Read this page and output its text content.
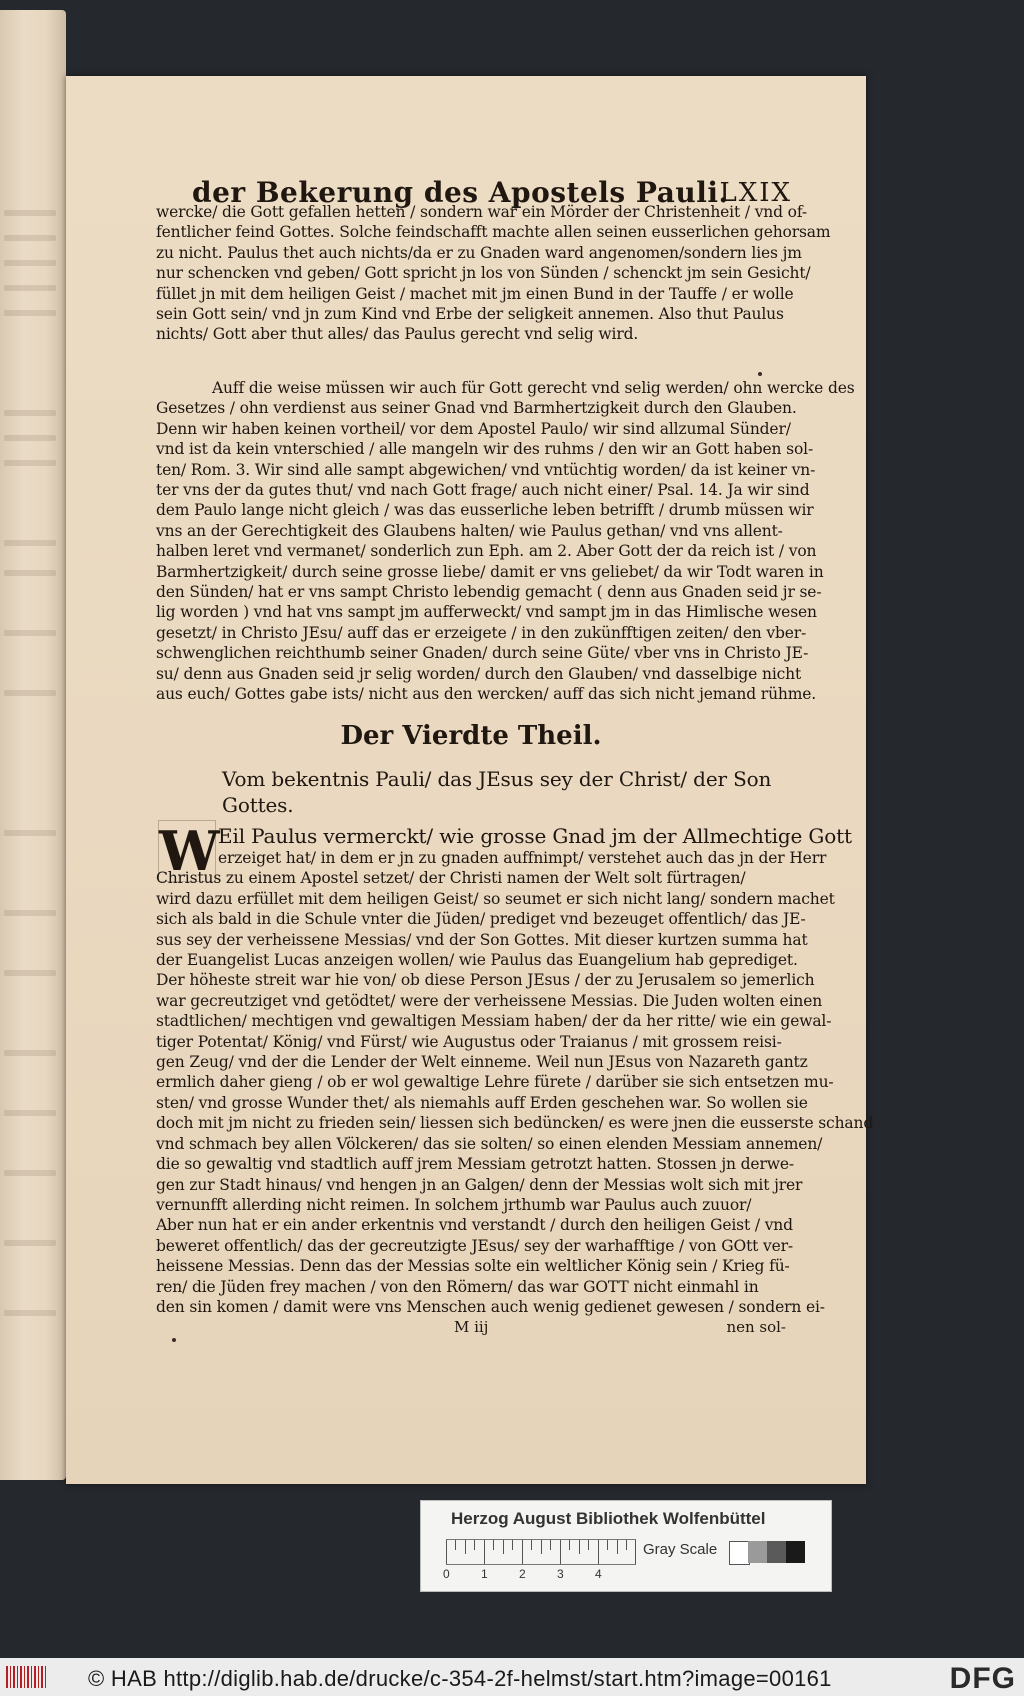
der Bekerung des Apostels Pauli.
LXIX
wercke/ die Gott gefallen hetten / sondern war ein Mörder der Christenheit / vnd of-
fentlicher feind Gottes. Solche feindschafft machte allen seinen eusserlichen gehorsam
zu nicht. Paulus thet auch nichts/da er zu Gnaden ward angenomen/sondern lies jm
nur schencken vnd geben/ Gott spricht jn los von Sünden / schenckt jm sein Gesicht/
füllet jn mit dem heiligen Geist / machet mit jm einen Bund in der Tauffe / er wolle
sein Gott sein/ vnd jn zum Kind vnd Erbe der seligkeit annemen. Also thut Paulus
nichts/ Gott aber thut alles/ das Paulus gerecht vnd selig wird.
Auff die weise müssen wir auch für Gott gerecht vnd selig werden/ ohn wercke des
Gesetzes / ohn verdienst aus seiner Gnad vnd Barmhertzigkeit durch den Glauben.
Denn wir haben keinen vortheil/ vor dem Apostel Paulo/ wir sind allzumal Sünder/
vnd ist da kein vnterschied / alle mangeln wir des ruhms / den wir an Gott haben sol-
ten/ Rom. 3. Wir sind alle sampt abgewichen/ vnd vntüchtig worden/ da ist keiner vn-
ter vns der da gutes thut/ vnd nach Gott frage/ auch nicht einer/ Psal. 14. Ja wir sind
dem Paulo lange nicht gleich / was das eusserliche leben betrifft / drumb müssen wir
vns an der Gerechtigkeit des Glaubens halten/ wie Paulus gethan/ vnd vns allent-
halben leret vnd vermanet/ sonderlich zun Eph. am 2. Aber Gott der da reich ist / von
Barmhertzigkeit/ durch seine grosse liebe/ damit er vns geliebet/ da wir Todt waren in
den Sünden/ hat er vns sampt Christo lebendig gemacht ( denn aus Gnaden seid jr se-
lig worden ) vnd hat vns sampt jm aufferweckt/ vnd sampt jm in das Himlische wesen
gesetzt/ in Christo JEsu/ auff das er erzeigete / in den zukünfftigen zeiten/ den vber-
schwenglichen reichthumb seiner Gnaden/ durch seine Güte/ vber vns in Christo JE-
su/ denn aus Gnaden seid jr selig worden/ durch den Glauben/ vnd dasselbige nicht
aus euch/ Gottes gabe ists/ nicht aus den wercken/ auff das sich nicht jemand rühme.
Der Vierdte Theil.
Vom bekentnis Pauli/ das JEsus sey der Christ/ der Son
Gottes.
W
Eil Paulus vermerckt/ wie grosse Gnad jm der Allmechtige Gott
erzeiget hat/ in dem er jn zu gnaden auffnimpt/ verstehet auch das jn der Herr
Christus zu einem Apostel setzet/ der Christi namen der Welt solt fürtragen/
wird dazu erfüllet mit dem heiligen Geist/ so seumet er sich nicht lang/ sondern machet
sich als bald in die Schule vnter die Jüden/ prediget vnd bezeuget offentlich/ das JE-
sus sey der verheissene Messias/ vnd der Son Gottes. Mit dieser kurtzen summa hat
der Euangelist Lucas anzeigen wollen/ wie Paulus das Euangelium hab geprediget.
Der höheste streit war hie von/ ob diese Person JEsus / der zu Jerusalem so jemerlich
war gecreutziget vnd getödtet/ were der verheissene Messias. Die Juden wolten einen
stadtlichen/ mechtigen vnd gewaltigen Messiam haben/ der da her ritte/ wie ein gewal-
tiger Potentat/ König/ vnd Fürst/ wie Augustus oder Traianus / mit grossem reisi-
gen Zeug/ vnd der die Lender der Welt einneme. Weil nun JEsus von Nazareth gantz
ermlich daher gieng / ob er wol gewaltige Lehre fürete / darüber sie sich entsetzen mu-
sten/ vnd grosse Wunder thet/ als niemahls auff Erden geschehen war. So wollen sie
doch mit jm nicht zu frieden sein/ liessen sich bedüncken/ es were jnen die eusserste schand
vnd schmach bey allen Völckeren/ das sie solten/ so einen elenden Messiam annemen/
die so gewaltig vnd stadtlich auff jrem Messiam getrotzt hatten. Stossen jn derwe-
gen zur Stadt hinaus/ vnd hengen jn an Galgen/ denn der Messias wolt sich mit jrer
vernunfft allerding nicht reimen. In solchem jrthumb war Paulus auch zuuor/
Aber nun hat er ein ander erkentnis vnd verstandt / durch den heiligen Geist / vnd
beweret offentlich/ das der gecreutzigte JEsus/ sey der warhafftige / von GOtt ver-
heissene Messias. Denn das der Messias solte ein weltlicher König sein / Krieg fü-
ren/ die Jüden frey machen / von den Römern/ das war GOTT nicht einmahl in
den sin komen / damit were vns Menschen auch wenig gedienet gewesen / sondern ei-
M iij	nen sol-
Herzog August Bibliothek Wolfenbüttel
0	1	2	3	4
Gray Scale
© HAB http://diglib.hab.de/drucke/c-354-2f-helmst/start.htm?image=00161	DFG
